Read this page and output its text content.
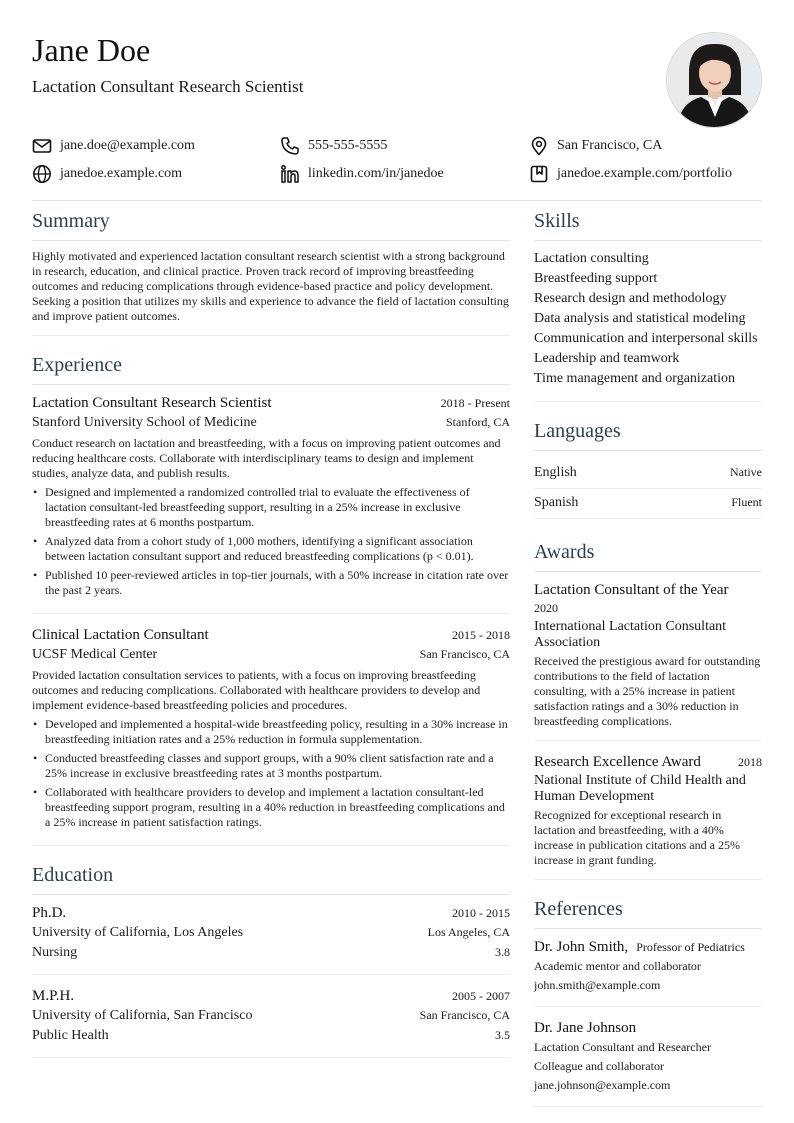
Jane Doe
Lactation Consultant Research Scientist
jane.doe@example.com	555-555-5555	San Francisco, CA
janedoe.example.com	linkedin.com/in/janedoe	janedoe.example.com/portfolio
Summary
Highly motivated and experienced lactation consultant research scientist with a strong background in research, education, and clinical practice. Proven track record of improving breastfeeding outcomes and reducing complications through evidence-based practice and policy development. Seeking a position that utilizes my skills and experience to advance the field of lactation consulting and improve patient outcomes.
Experience
Lactation Consultant Research Scientist	2018 - Present
Stanford University School of Medicine	Stanford, CA
Conduct research on lactation and breastfeeding, with a focus on improving patient outcomes and reducing healthcare costs. Collaborate with interdisciplinary teams to design and implement studies, analyze data, and publish results.
• Designed and implemented a randomized controlled trial to evaluate the effectiveness of lactation consultant-led breastfeeding support, resulting in a 25% increase in exclusive breastfeeding rates at 6 months postpartum.
• Analyzed data from a cohort study of 1,000 mothers, identifying a significant association between lactation consultant support and reduced breastfeeding complications (p < 0.01).
• Published 10 peer-reviewed articles in top-tier journals, with a 50% increase in citation rate over the past 2 years.
Clinical Lactation Consultant	2015 - 2018
UCSF Medical Center	San Francisco, CA
Provided lactation consultation services to patients, with a focus on improving breastfeeding outcomes and reducing complications. Collaborated with healthcare providers to develop and implement evidence-based breastfeeding policies and procedures.
• Developed and implemented a hospital-wide breastfeeding policy, resulting in a 30% increase in breastfeeding initiation rates and a 25% reduction in formula supplementation.
• Conducted breastfeeding classes and support groups, with a 90% client satisfaction rate and a 25% increase in exclusive breastfeeding rates at 3 months postpartum.
• Collaborated with healthcare providers to develop and implement a lactation consultant-led breastfeeding support program, resulting in a 40% reduction in breastfeeding complications and a 25% increase in patient satisfaction ratings.
Education
Ph.D.	2010 - 2015
University of California, Los Angeles	Los Angeles, CA
Nursing	3.8
M.P.H.	2005 - 2007
University of California, San Francisco	San Francisco, CA
Public Health	3.5
Skills
Lactation consulting
Breastfeeding support
Research design and methodology
Data analysis and statistical modeling
Communication and interpersonal skills
Leadership and teamwork
Time management and organization
Languages
English	Native
Spanish	Fluent
Awards
Lactation Consultant of the Year
2020
International Lactation Consultant Association
Received the prestigious award for outstanding contributions to the field of lactation consulting, with a 25% increase in patient satisfaction ratings and a 30% reduction in breastfeeding complications.
Research Excellence Award	2018
National Institute of Child Health and Human Development
Recognized for exceptional research in lactation and breastfeeding, with a 40% increase in publication citations and a 25% increase in grant funding.
References
Dr. John Smith, Professor of Pediatrics
Academic mentor and collaborator
john.smith@example.com
Dr. Jane Johnson
Lactation Consultant and Researcher
Colleague and collaborator
jane.johnson@example.com
